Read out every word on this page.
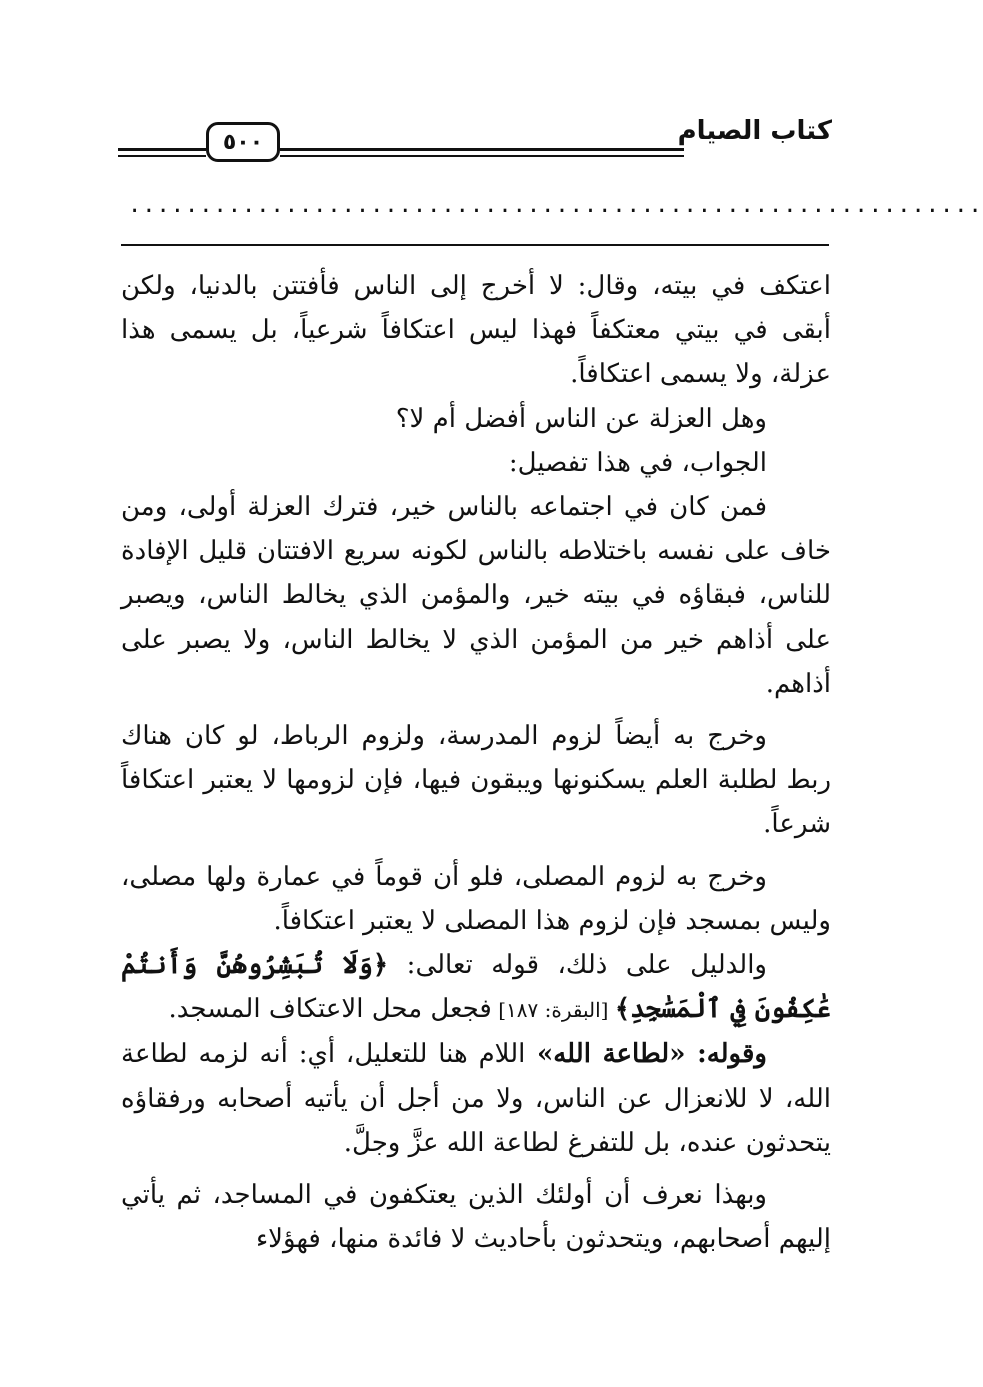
٥٠٠	كتاب الصيام
............................................................

اعتكف في بيته، وقال: لا أخرج إلى الناس فأفتتن بالدنيا، ولكن أبقى في بيتي معتكفاً فهذا ليس اعتكافاً شرعياً، بل يسمى هذا عزلة، ولا يسمى اعتكافاً.

وهل العزلة عن الناس أفضل أم لا؟

الجواب، في هذا تفصيل:

فمن كان في اجتماعه بالناس خير، فترك العزلة أولى، ومن خاف على نفسه باختلاطه بالناس لكونه سريع الافتتان قليل الإفادة للناس، فبقاؤه في بيته خير، والمؤمن الذي يخالط الناس، ويصبر على أذاهم خير من المؤمن الذي لا يخالط الناس، ولا يصبر على أذاهم.

وخرج به أيضاً لزوم المدرسة، ولزوم الرباط، لو كان هناك ربط لطلبة العلم يسكنونها ويبقون فيها، فإن لزومها لا يعتبر اعتكافاً شرعاً.

وخرج به لزوم المصلى، فلو أن قوماً في عمارة ولها مصلى، وليس بمسجد فإن لزوم هذا المصلى لا يعتبر اعتكافاً.

والدليل على ذلك، قوله تعالى: ﴿وَلَا تُبَشِرُوهُنَّ وَأَنتُمْ عَٰكِفُونَ فِي ٱلْمَسَٰجِدِ﴾ [البقرة: ١٨٧] فجعل محل الاعتكاف المسجد.

وقوله: «لطاعة الله» اللام هنا للتعليل، أي: أنه لزمه لطاعة الله، لا للانعزال عن الناس، ولا من أجل أن يأتيه أصحابه ورفقاؤه يتحدثون عنده، بل للتفرغ لطاعة الله عزَّ وجلَّ.

وبهذا نعرف أن أولئك الذين يعتكفون في المساجد، ثم يأتي إليهم أصحابهم، ويتحدثون بأحاديث لا فائدة منها، فهؤلاء
